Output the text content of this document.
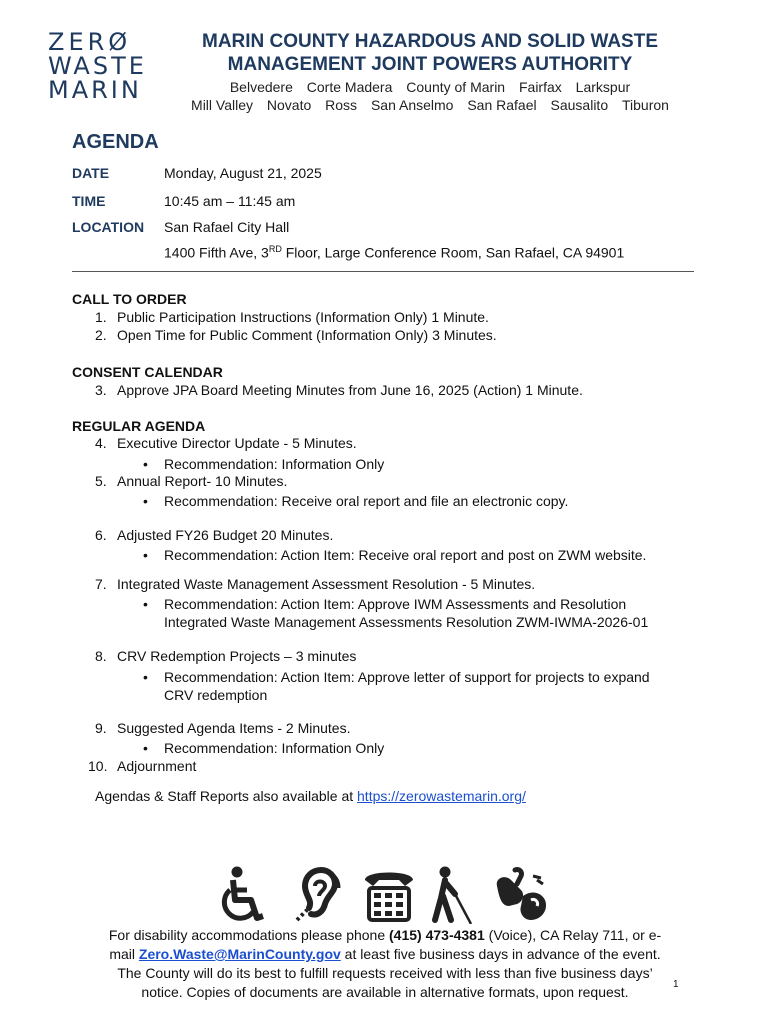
ZERØ
WASTE
MARIN
MARIN COUNTY HAZARDOUS AND SOLID WASTE
MANAGEMENT JOINT POWERS AUTHORITY
Belvedere Corte Madera County of Marin Fairfax Larkspur
Mill Valley Novato Ross San Anselmo San Rafael Sausalito Tiburon
AGENDA
DATE	Monday, August 21, 2025
TIME	10:45 am – 11:45 am
LOCATION San Rafael City Hall
1400 Fifth Ave, 3RD Floor, Large Conference Room, San Rafael, CA 94901
CALL TO ORDER
1. Public Participation Instructions (Information Only) 1 Minute.
2. Open Time for Public Comment (Information Only) 3 Minutes.
CONSENT CALENDAR
3. Approve JPA Board Meeting Minutes from June 16, 2025 (Action) 1 Minute.
REGULAR AGENDA
4. Executive Director Update - 5 Minutes.
• Recommendation: Information Only
5. Annual Report- 10 Minutes.
• Recommendation: Receive oral report and file an electronic copy.
6. Adjusted FY26 Budget 20 Minutes.
• Recommendation: Action Item: Receive oral report and post on ZWM website.
7. Integrated Waste Management Assessment Resolution - 5 Minutes.
• Recommendation: Action Item: Approve IWM Assessments and Resolution
Integrated Waste Management Assessments Resolution ZWM-IWMA-2026-01
8. CRV Redemption Projects – 3 minutes
• Recommendation: Action Item: Approve letter of support for projects to expand
CRV redemption
9. Suggested Agenda Items - 2 Minutes.
• Recommendation: Information Only
10. Adjournment
Agendas & Staff Reports also available at https://zerowastemarin.org/
For disability accommodations please phone (415) 473-4381 (Voice), CA Relay 711, or e-
mail Zero.Waste@MarinCounty.gov at least five business days in advance of the event.
The County will do its best to fulfill requests received with less than five business days’
notice. Copies of documents are available in alternative formats, upon request.	1
